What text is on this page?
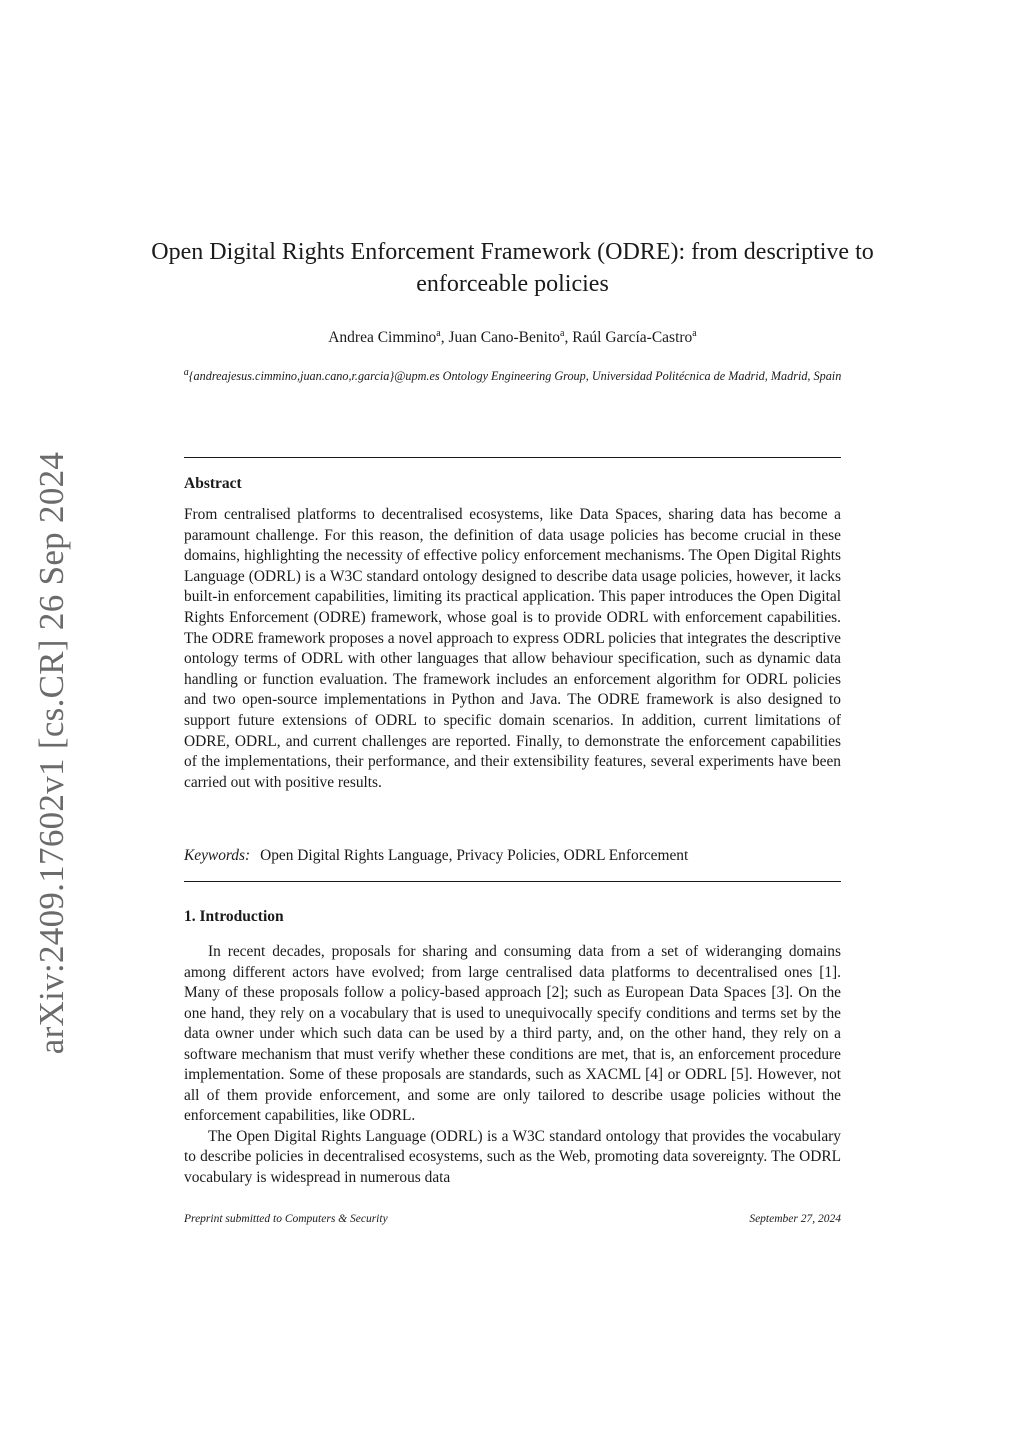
arXiv:2409.17602v1 [cs.CR] 26 Sep 2024
Open Digital Rights Enforcement Framework (ODRE): from descriptive to enforceable policies
Andrea Cimmino$^a$, Juan Cano-Benito$^a$, Raúl García-Castro$^a$
$^a${andreajesus.cimmino,juan.cano,r.garcia}@upm.es Ontology Engineering Group, Universidad Politécnica de Madrid, Madrid, Spain
Abstract
From centralised platforms to decentralised ecosystems, like Data Spaces, sharing data has become a paramount challenge. For this reason, the definition of data usage policies has become crucial in these domains, highlighting the necessity of effective policy enforcement mechanisms. The Open Digital Rights Language (ODRL) is a W3C standard ontology designed to describe data usage policies, however, it lacks built-in enforcement capabilities, limiting its practical application. This paper introduces the Open Digital Rights Enforcement (ODRE) framework, whose goal is to provide ODRL with enforcement capabilities. The ODRE framework proposes a novel approach to express ODRL policies that integrates the descriptive ontology terms of ODRL with other languages that allow behaviour specification, such as dynamic data handling or function evaluation. The framework includes an enforcement algorithm for ODRL policies and two open-source implementations in Python and Java. The ODRE framework is also designed to support future extensions of ODRL to specific domain scenarios. In addition, current limitations of ODRE, ODRL, and current challenges are reported. Finally, to demonstrate the enforcement capabilities of the implementations, their performance, and their extensibility features, several experiments have been carried out with positive results.
Keywords: Open Digital Rights Language, Privacy Policies, ODRL Enforcement
1. Introduction

In recent decades, proposals for sharing and consuming data from a set of wideranging domains among different actors have evolved; from large centralised data platforms to decentralised ones [1]. Many of these proposals follow a policy-based approach [2]; such as European Data Spaces [3]. On the one hand, they rely on a vocabulary that is used to unequivocally specify conditions and terms set by the data owner under which such data can be used by a third party, and, on the other hand, they rely on a software mechanism that must verify whether these conditions are met, that is, an enforcement procedure implementation. Some of these proposals are standards, such as XACML [4] or ODRL [5]. However, not all of them provide enforcement, and some are only tailored to describe usage policies without the enforcement capabilities, like ODRL.

The Open Digital Rights Language (ODRL) is a W3C standard ontology that provides the vocabulary to describe policies in decentralised ecosystems, such as the Web, promoting data sovereignty. The ODRL vocabulary is widespread in numerous data

Preprint submitted to Computers & Security	September 27, 2024
